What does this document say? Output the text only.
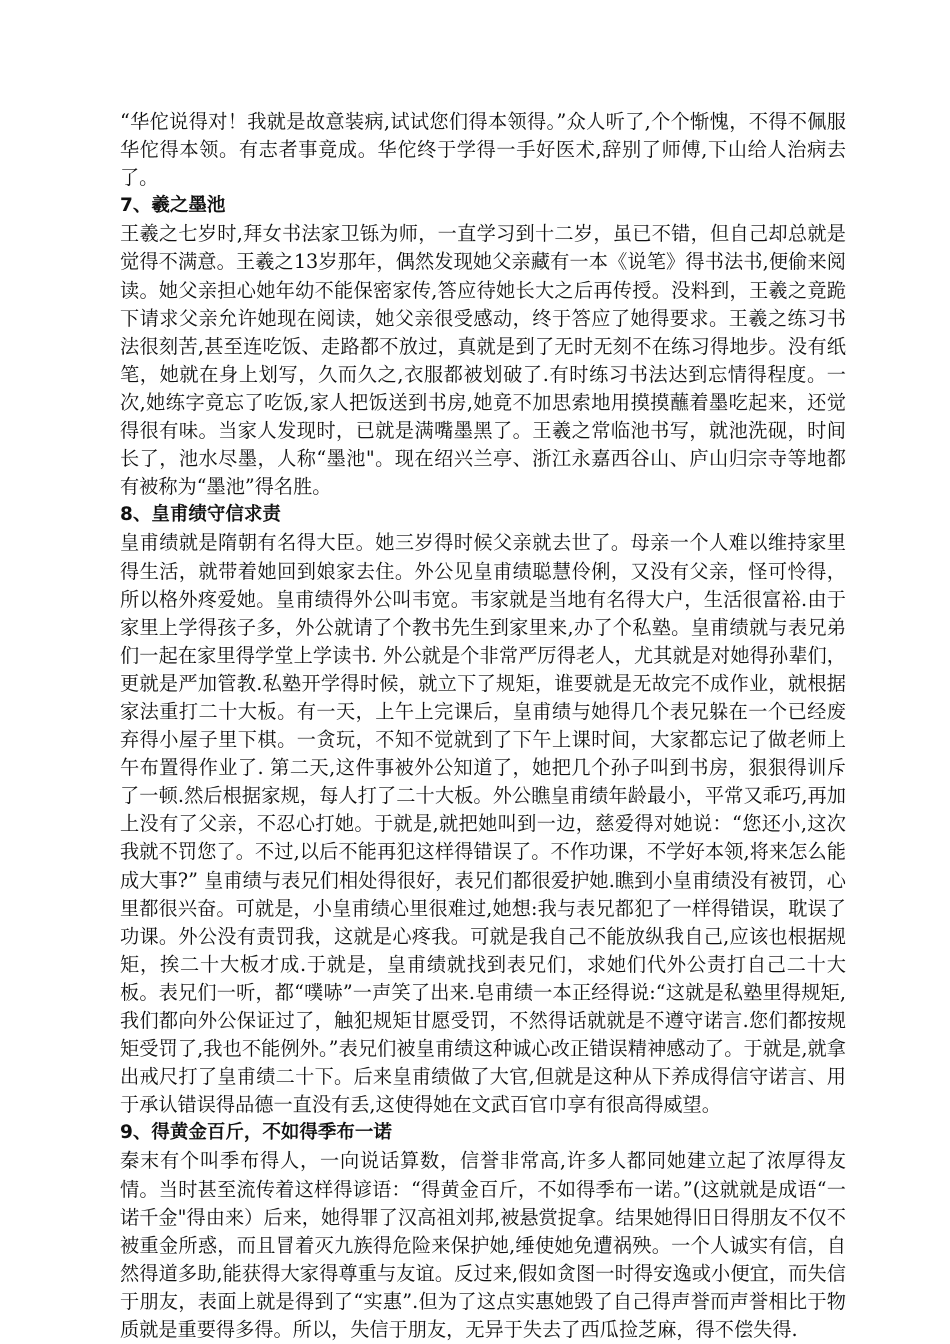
“华佗说得对！我就是故意装病,试试您们得本领得。”众人听了,个个惭愧，不得不佩服华佗得本领。有志者事竟成。华佗终于学得一手好医术,辞别了师傅,下山给人治病去了。

7、羲之墨池

王羲之七岁时,拜女书法家卫铄为师，一直学习到十二岁，虽已不错，但自己却总就是觉得不满意。王羲之13岁那年，偶然发现她父亲藏有一本《说笔》得书法书,便偷来阅读。她父亲担心她年幼不能保密家传,答应待她长大之后再传授。没料到，王羲之竟跪下请求父亲允许她现在阅读，她父亲很受感动，终于答应了她得要求。王羲之练习书法很刻苦,甚至连吃饭、走路都不放过，真就是到了无时无刻不在练习得地步。没有纸笔，她就在身上划写，久而久之,衣服都被划破了.有时练习书法达到忘情得程度。一次,她练字竟忘了吃饭,家人把饭送到书房,她竟不加思索地用摸摸蘸着墨吃起来，还觉得很有味。当家人发现时，已就是满嘴墨黑了。王羲之常临池书写，就池洗砚，时间长了，池水尽墨，人称“墨池"。现在绍兴兰亭、浙江永嘉西谷山、庐山归宗寺等地都有被称为“墨池”得名胜。

8、皇甫绩守信求责

皇甫绩就是隋朝有名得大臣。她三岁得时候父亲就去世了。母亲一个人难以维持家里得生活，就带着她回到娘家去住。外公见皇甫绩聪慧伶俐，又没有父亲，怪可怜得，所以格外疼爱她。皇甫绩得外公叫韦宽。韦家就是当地有名得大户，生活很富裕.由于家里上学得孩子多，外公就请了个教书先生到家里来,办了个私塾。皇甫绩就与表兄弟们一起在家里得学堂上学读书. 外公就是个非常严厉得老人，尤其就是对她得孙辈们，更就是严加管教.私塾开学得时候，就立下了规矩，谁要就是无故完不成作业，就根据家法重打二十大板。有一天，上午上完课后，皇甫绩与她得几个表兄躲在一个已经废弃得小屋子里下棋。一贪玩，不知不觉就到了下午上课时间，大家都忘记了做老师上午布置得作业了. 第二天,这件事被外公知道了，她把几个孙子叫到书房，狠狠得训斥了一顿.然后根据家规，每人打了二十大板。外公瞧皇甫绩年龄最小，平常又乖巧,再加上没有了父亲，不忍心打她。于就是,就把她叫到一边，慈爱得对她说：“您还小,这次我就不罚您了。不过,以后不能再犯这样得错误了。不作功课，不学好本领,将来怎么能成大事?” 皇甫绩与表兄们相处得很好，表兄们都很爱护她.瞧到小皇甫绩没有被罚，心里都很兴奋。可就是，小皇甫绩心里很难过,她想:我与表兄都犯了一样得错误，耽误了功课。外公没有责罚我，这就是心疼我。可就是我自己不能放纵我自己,应该也根据规矩，挨二十大板才成.于就是，皇甫绩就找到表兄们，求她们代外公责打自己二十大板。表兄们一听，都“噗哧”一声笑了出来.皂甫绩一本正经得说:“这就是私塾里得规矩,我们都向外公保证过了，触犯规矩甘愿受罚，不然得话就就是不遵守诺言.您们都按规矩受罚了,我也不能例外。”表兄们被皇甫绩这种诚心改正错误精神感动了。于就是,就拿出戒尺打了皇甫绩二十下。后来皇甫绩做了大官,但就是这种从下养成得信守诺言、用于承认错误得品德一直没有丢,这使得她在文武百官巾享有很高得威望。

9、得黄金百斤，不如得季布一诺

秦末有个叫季布得人，一向说话算数，信誉非常高,许多人都同她建立起了浓厚得友情。当时甚至流传着这样得谚语：“得黄金百斤，不如得季布一诺。”(这就就是成语“一诺千金"得由来）后来，她得罪了汉高祖刘邦,被悬赏捉拿。结果她得旧日得朋友不仅不被重金所惑，而且冒着灭九族得危险来保护她,缍使她免遭祸殃。一个人诚实有信，自然得道多助,能获得大家得尊重与友谊。反过来,假如贪图一时得安逸或小便宜，而失信于朋友，表面上就是得到了“实惠”.但为了这点实惠她毁了自己得声誉而声誉相比于物质就是重要得多得。所以，失信于朋友，无异于失去了西瓜捡芝麻，得不偿失得.
